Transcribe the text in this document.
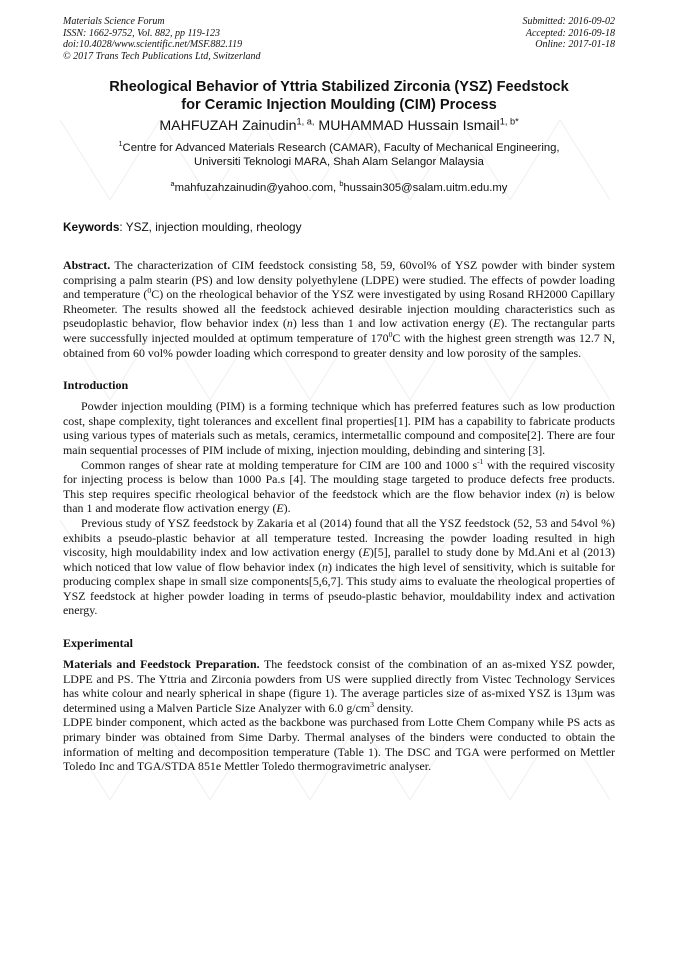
Materials Science Forum
ISSN: 1662-9752, Vol. 882, pp 119-123
doi:10.4028/www.scientific.net/MSF.882.119
© 2017 Trans Tech Publications Ltd, Switzerland
Submitted: 2016-09-02
Accepted: 2016-09-18
Online: 2017-01-18
Rheological Behavior of Yttria Stabilized Zirconia (YSZ) Feedstock
for Ceramic Injection Moulding (CIM) Process
MAHFUZAH Zainudin$^{1, a,}$ MUHAMMAD Hussain Ismail$^{1, b*}$
$^1$Centre for Advanced Materials Research (CAMAR), Faculty of Mechanical Engineering,
Universiti Teknologi MARA, Shah Alam Selangor Malaysia
$^a$mahfuzahzainudin@yahoo.com, $^b$hussain305@salam.uitm.edu.my
Keywords: YSZ, injection moulding, rheology

Abstract. The characterization of CIM feedstock consisting 58, 59, 60vol% of YSZ powder with binder system comprising a palm stearin (PS) and low density polyethylene (LDPE) were studied. The effects of powder loading and temperature ($^0$C) on the rheological behavior of the YSZ were investigated by using Rosand RH2000 Capillary Rheometer. The results showed all the feedstock achieved desirable injection moulding characteristics such as pseudoplastic behavior, flow behavior index (n) less than 1 and low activation energy (E). The rectangular parts were successfully injected moulded at optimum temperature of $170^0C$ with the highest green strength was 12.7 N, obtained from 60 vol% powder loading which correspond to greater density and low porosity of the samples.

Introduction

Powder injection moulding (PIM) is a forming technique which has preferred features such as low production cost, shape complexity, tight tolerances and excellent final properties[1]. PIM has a capability to fabricate products using various types of materials such as metals, ceramics, intermetallic compound and composite[2]. There are four main sequential processes of PIM include of mixing, injection moulding, debinding and sintering [3].

Common ranges of shear rate at molding temperature for CIM are 100 and 1000 $s^{-1}$ with the required viscosity for injecting process is below than 1000 Pa.s [4]. The moulding stage targeted to produce defects free products. This step requires specific rheological behavior of the feedstock which are the flow behavior index (n) is below than 1 and moderate flow activation energy (E).

Previous study of YSZ feedstock by Zakaria et al (2014) found that all the YSZ feedstock (52, 53 and 54vol %) exhibits a pseudo-plastic behavior at all temperature tested. Increasing the powder loading resulted in high viscosity, high mouldability index and low activation energy (E)[5], parallel to study done by Md.Ani et al (2013) which noticed that low value of flow behavior index (n) indicates the high level of sensitivity, which is suitable for producing complex shape in small size components[5,6,7]. This study aims to evaluate the rheological properties of YSZ feedstock at higher powder loading in terms of pseudo-plastic behavior, mouldability index and activation energy.

Experimental

Materials and Feedstock Preparation. The feedstock consist of the combination of an as-mixed YSZ powder, LDPE and PS. The Yttria and Zirconia powders from US were supplied directly from Vistec Technology Services has white colour and nearly spherical in shape (figure 1). The average particles size of as-mixed YSZ is 13µm was determined using a Malven Particle Size Analyzer with 6.0 $g/cm^3$ density.

LDPE binder component, which acted as the backbone was purchased from Lotte Chem Company while PS acts as primary binder was obtained from Sime Darby. Thermal analyses of the binders were conducted to obtain the information of melting and decomposition temperature (Table 1). The DSC and TGA were performed on Mettler Toledo Inc and TGA/STDA 851e Mettler Toledo thermogravimetric analyser.
